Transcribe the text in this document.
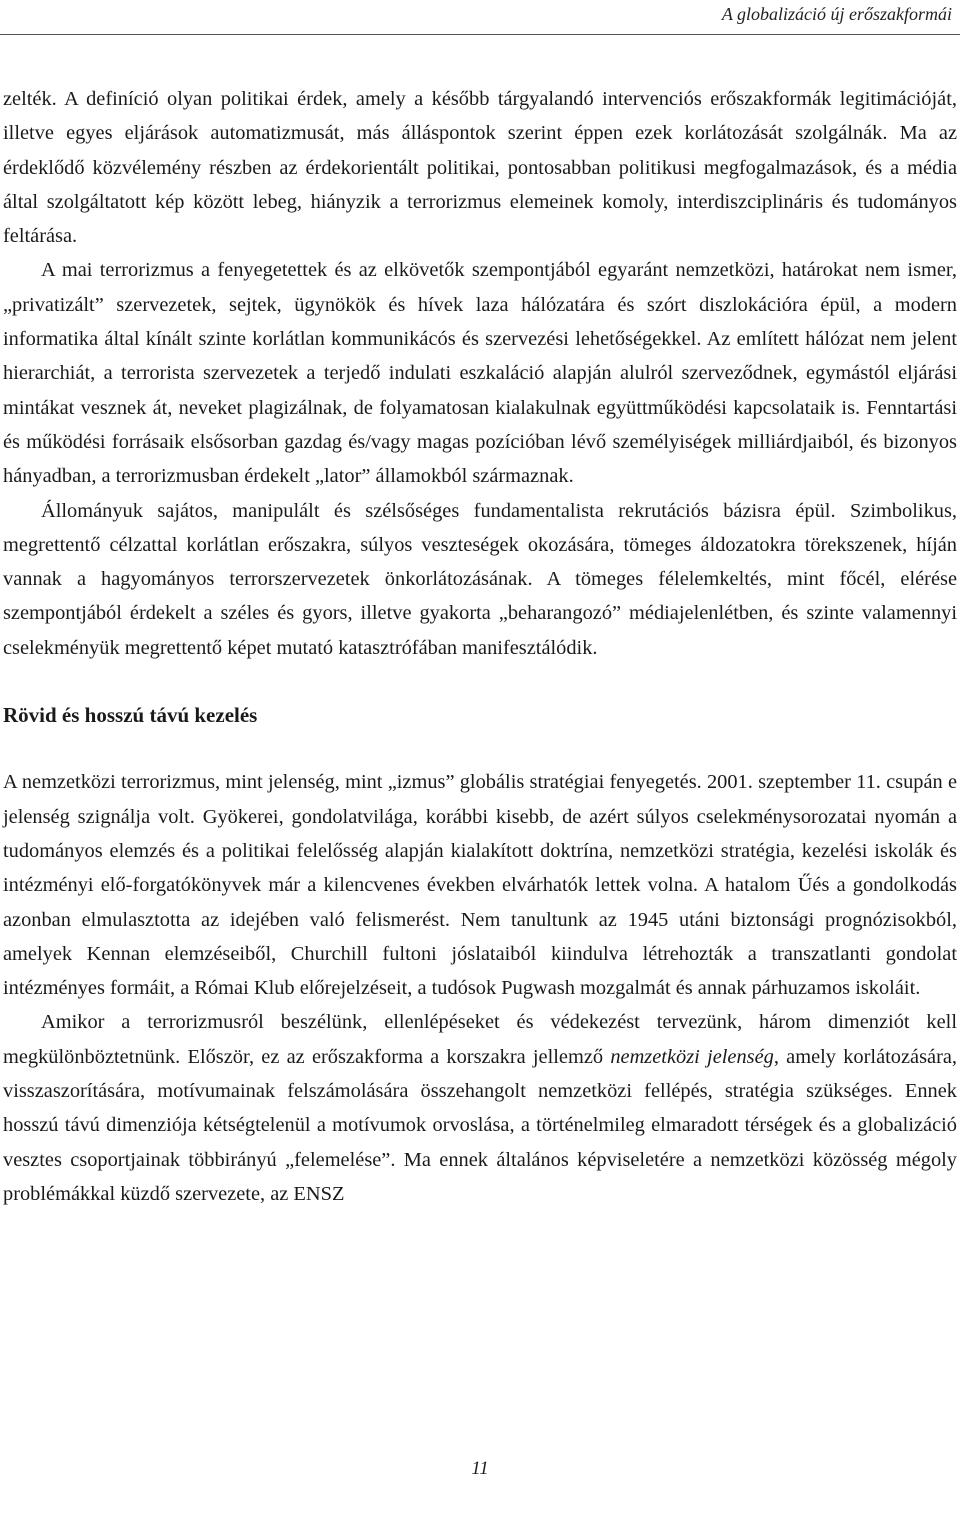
A globalizáció új erőszakformái

zelték. A definíció olyan politikai érdek, amely a később tárgyalandó intervenciós erőszakformák legitimációját, illetve egyes eljárások automatizmusát, más álláspontok szerint éppen ezek korlátozását szolgálnák. Ma az érdeklődő közvélemény részben az érdekorientált politikai, pontosabban politikusi megfogalmazások, és a média által szolgáltatott kép között lebeg, hiányzik a terrorizmus elemeinek komoly, interdiszciplináris és tudományos feltárása.

A mai terrorizmus a fenyegetettek és az elkövetők szempontjából egyaránt nemzetközi, határokat nem ismer, „privatizált” szervezetek, sejtek, ügynökök és hívek laza hálózatára és szórt diszlokációra épül, a modern informatika által kínált szinte korlátlan kommunikácós és szervezési lehetőségekkel. Az említett hálózat nem jelent hierarchiát, a terrorista szervezetek a terjedő indulati eszkaláció alapján alulról szerveződnek, egymástól eljárási mintákat vesznek át, neveket plagizálnak, de folyamatosan kialakulnak együttműködési kapcsolataik is. Fenntartási és működési forrásaik elsősorban gazdag és/vagy magas pozícióban lévő személyiségek milliárdjaiból, és bizonyos hányadban, a terrorizmusban érdekelt „lator” államokból származnak.

Állományuk sajátos, manipulált és szélsőséges fundamentalista rekrutációs bázisra épül. Szimbolikus, megrettentő célzattal korlátlan erőszakra, súlyos veszteségek okozására, tömeges áldozatokra törekszenek, híján vannak a hagyományos terrorszervezetek önkorlátozásának. A tömeges félelemkeltés, mint főcél, elérése szempontjából érdekelt a széles és gyors, illetve gyakorta „beharangozó” médiajelenlétben, és szinte valamennyi cselekményük megrettentő képet mutató katasztrófában manifesztálódik.

Rövid és hosszú távú kezelés

A nemzetközi terrorizmus, mint jelenség, mint „izmus” globális stratégiai fenyegetés. 2001. szeptember 11. csupán e jelenség szignálja volt. Gyökerei, gondolatvilága, korábbi kisebb, de azért súlyos cselekménysorozatai nyomán a tudományos elemzés és a politikai felelősség alapján kialakított doktrína, nemzetközi stratégia, kezelési iskolák és intézményi elő-forgatókönyvek már a kilencvenes években elvárhatók lettek volna. A hatalom Űés a gondolkodás azonban elmulasztotta az idejében való felismerést. Nem tanultunk az 1945 utáni biztonsági prognózisokból, amelyek Kennan elemzéseiből, Churchill fultoni jóslataiból kiindulva létrehozták a transzatlanti gondolat intézményes formáit, a Római Klub előrejelzéseit, a tudósok Pugwash mozgalmát és annak párhuzamos iskoláit.

Amikor a terrorizmusról beszélünk, ellenlépéseket és védekezést tervezünk, három dimenziót kell megkülönböztetnünk. Először, ez az erőszakforma a korszakra jellemző nemzetközi jelenség, amely korlátozására, visszaszorítására, motívumainak felszámolására összehangolt nemzetközi fellépés, stratégia szükséges. Ennek hosszú távú dimenziója kétségtelenül a motívumok orvoslása, a történelmileg elmaradott térségek és a globalizáció vesztes csoportjainak többirányú „felemelése”. Ma ennek általános képviseletére a nemzetközi közösség mégoly problémákkal küzdő szervezete, az ENSZ

11
